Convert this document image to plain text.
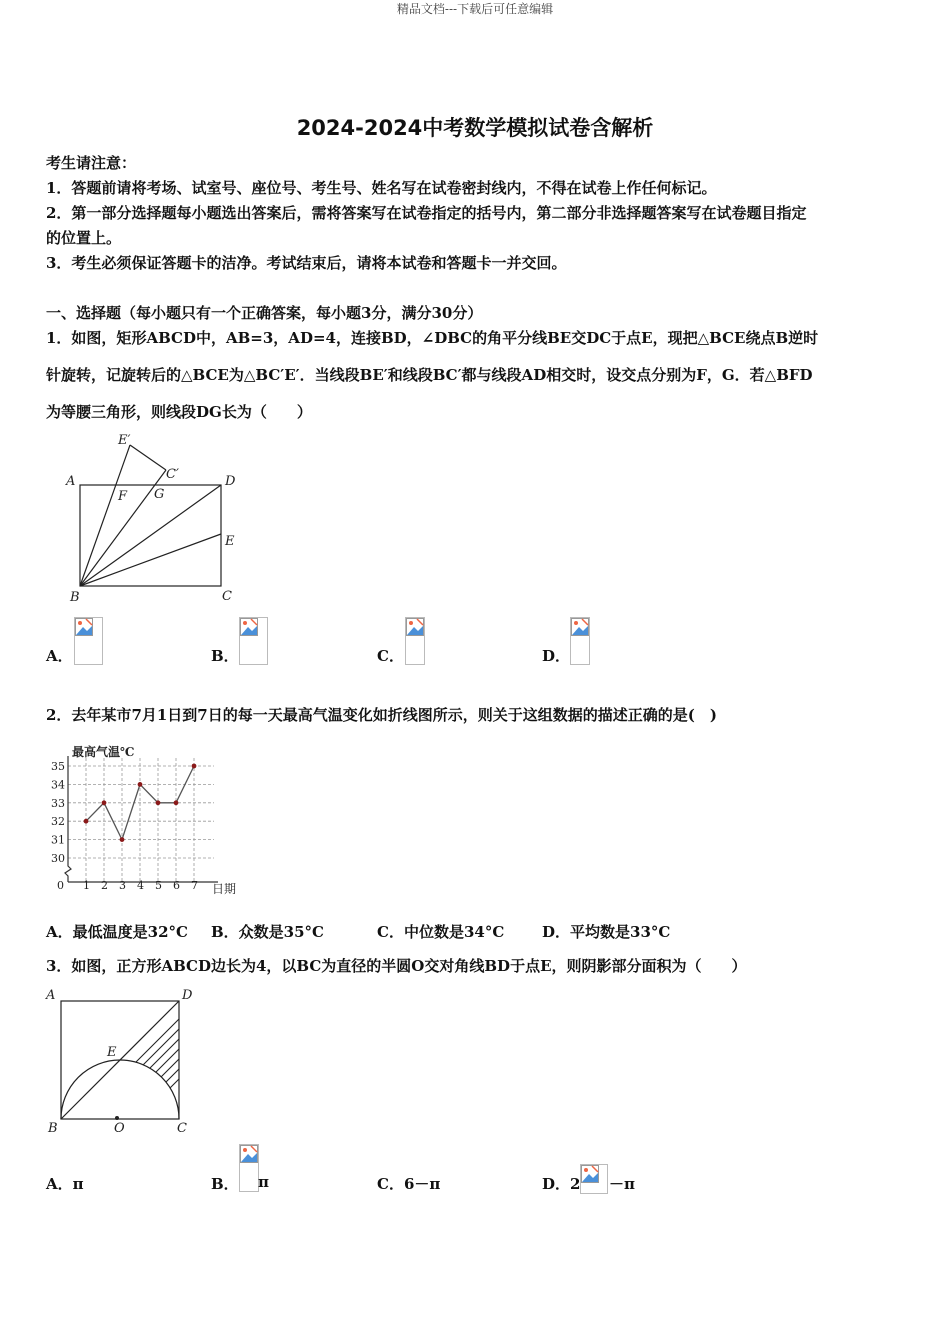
精品文档---下载后可任意编辑
2024-2024中考数学模拟试卷含解析
考生请注意：
1．答题前请将考场、试室号、座位号、考生号、姓名写在试卷密封线内，不得在试卷上作任何标记。
2．第一部分选择题每小题选出答案后，需将答案写在试卷指定的括号内，第二部分非选择题答案写在试卷题目指定
的位置上。
3．考生必须保证答题卡的洁净。考试结束后，请将本试卷和答题卡一并交回。
一、选择题（每小题只有一个正确答案，每小题3分，满分30分）
1．如图，矩形ABCD中，AB=3，AD=4，连接BD，∠DBC的角平分线BE交DC于点E，现把△BCE绕点B逆时
针旋转，记旋转后的△BCE为△BC′E′．当线段BE′和线段BC′都与线段AD相交时，设交点分别为F，G．若△BFD
为等腰三角形，则线段DG长为（　　）
A	D
B	C
E
F G
E′
C′
A．	B．	C．	D．
2．去年某市7月1日到7日的每一天最高气温变化如折线图所示，则关于这组数据的描述正确的是(　)
30
31
32
33
34
35
1 2 3 4 5 6 7
最高气温℃
日期
0
A．最低温度是32°C B．众数是35°C	C．中位数是34°C	D．平均数是33°C
3．如图，正方形ABCD边长为4，以BC为直径的半圆O交对角线BD于点E，则阴影部分面积为（　　）
A	D
B	C
O
E
A．π	B． π	C．6－π	D．2 －π
